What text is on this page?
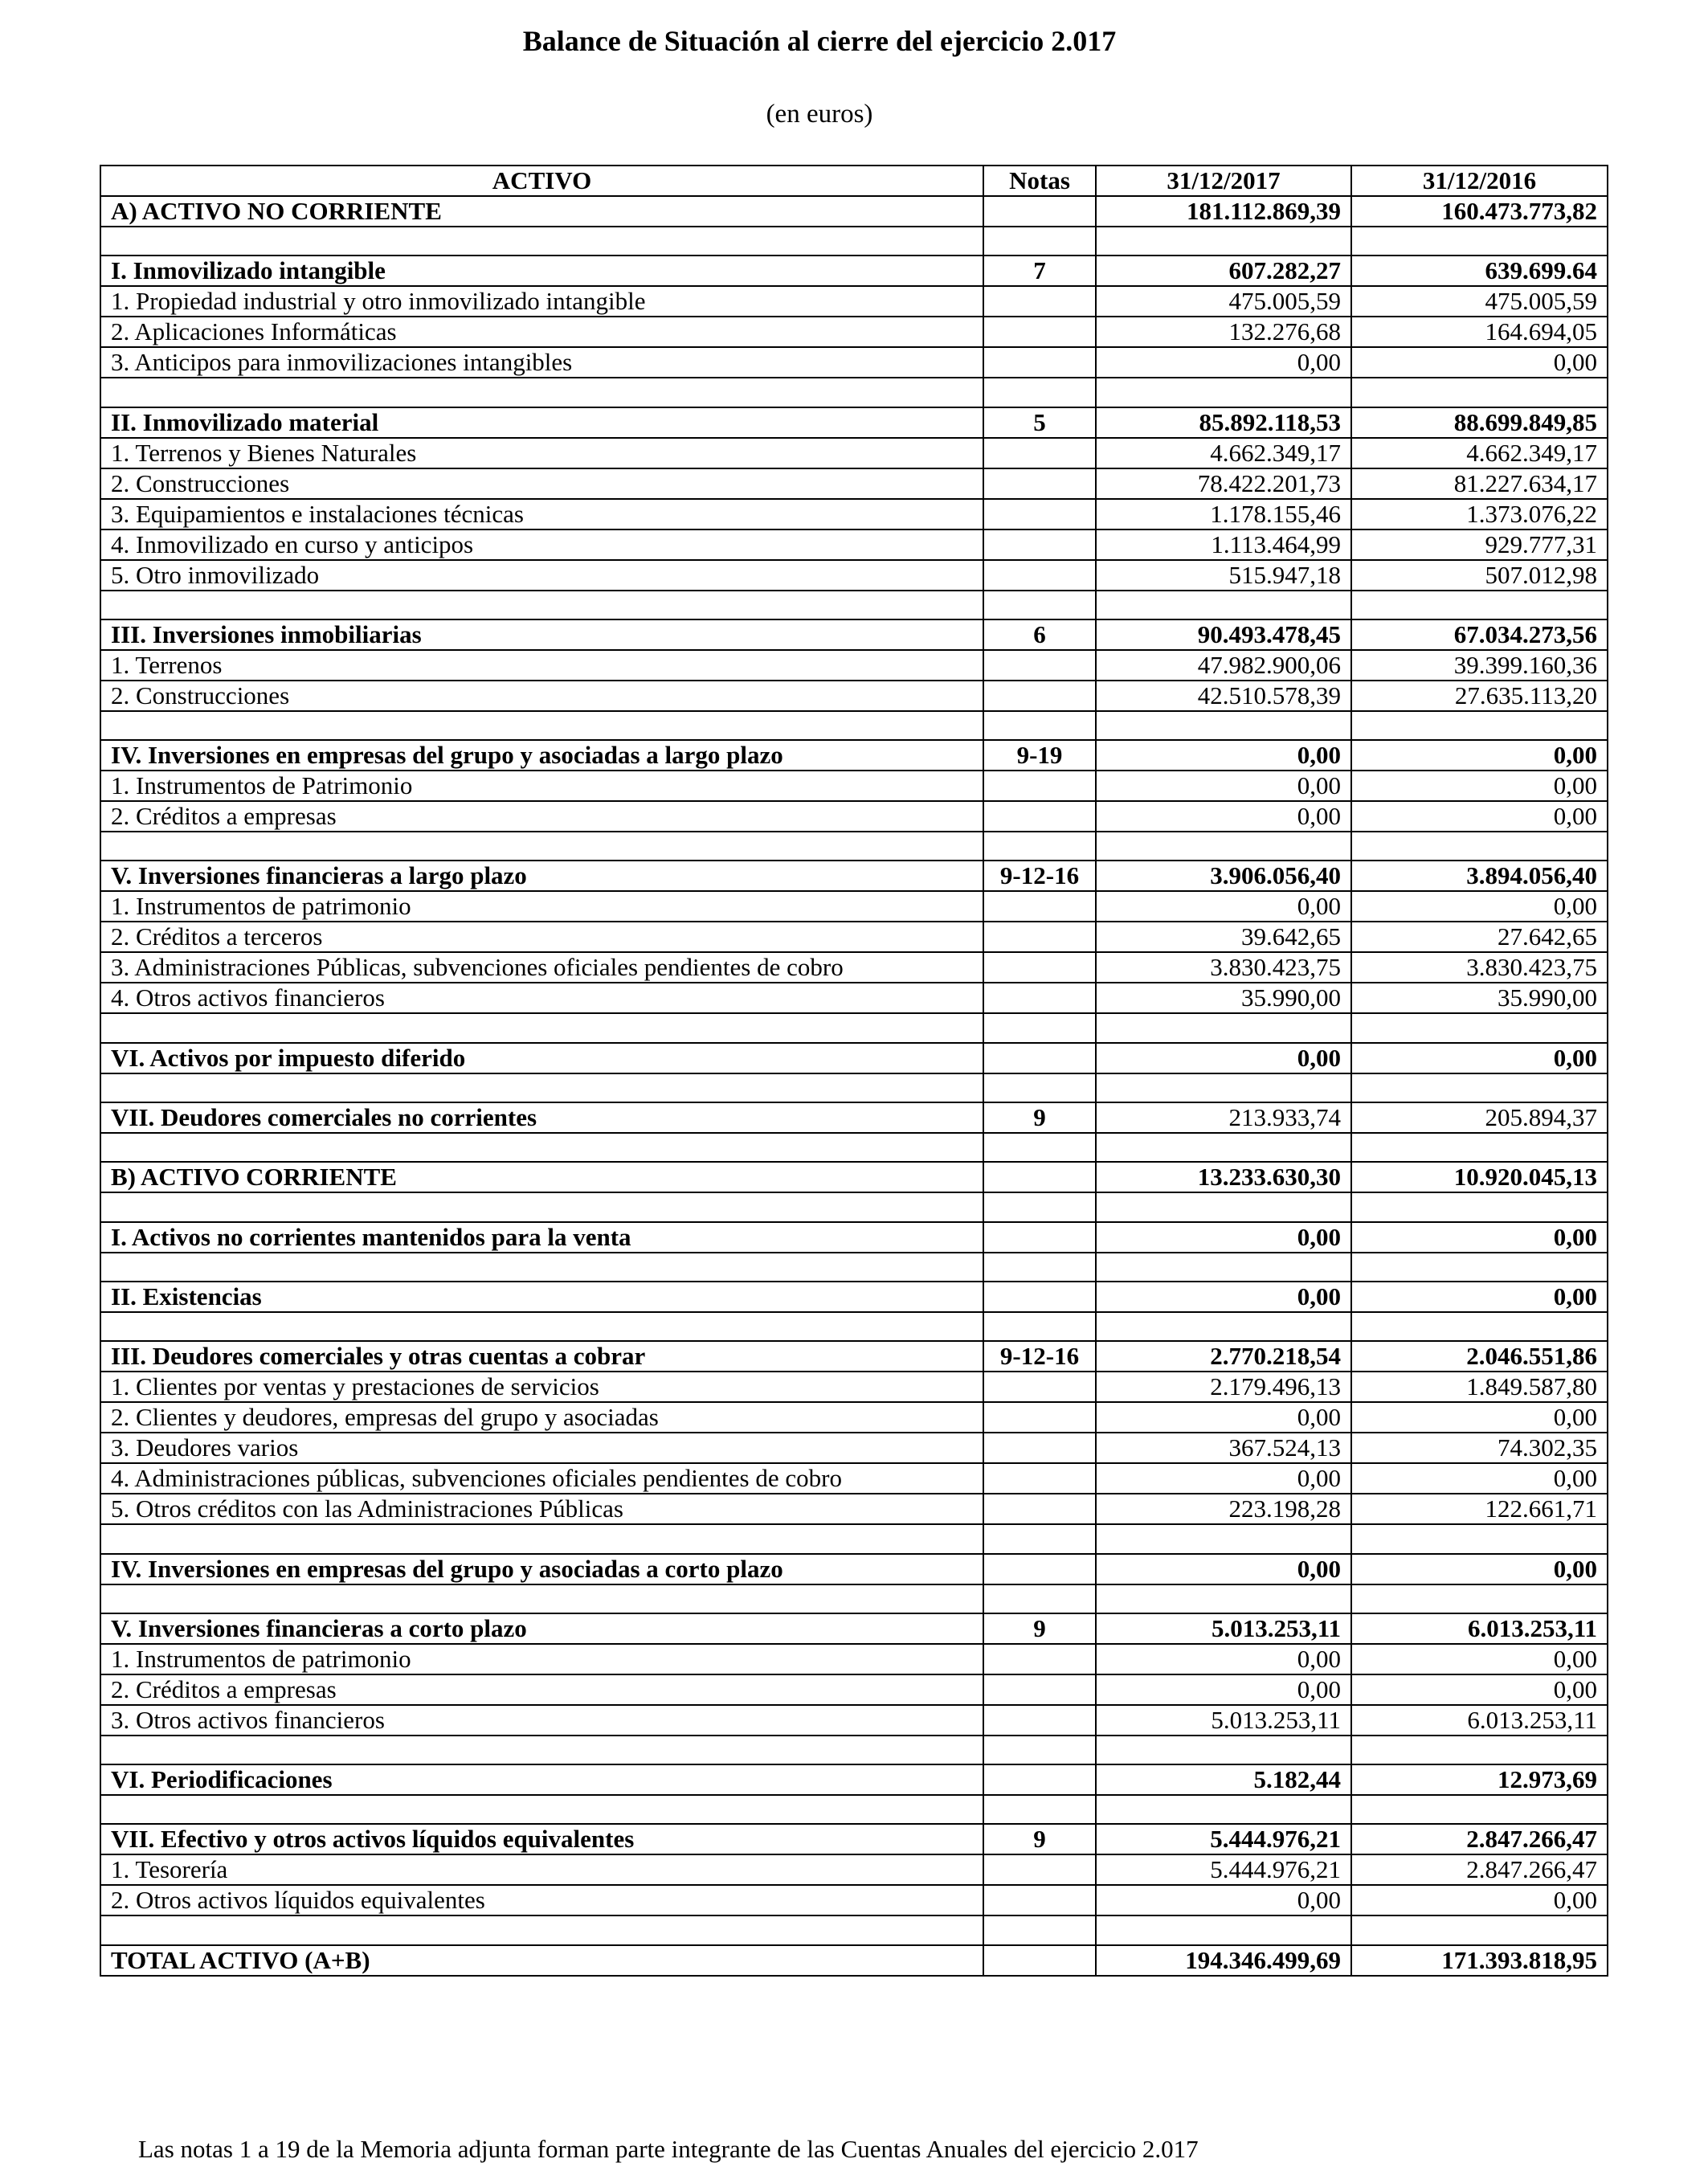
Balance de Situación al cierre del ejercicio 2.017
(en euros)
ACTIVO	Notas	31/12/2017	31/12/2016
A) ACTIVO NO CORRIENTE		181.112.869,39	160.473.773,82

I. Inmovilizado intangible	7	607.282,27	639.699.64
1. Propiedad industrial y otro inmovilizado intangible		475.005,59	475.005,59
2. Aplicaciones Informáticas		132.276,68	164.694,05
3. Anticipos para inmovilizaciones intangibles		0,00	0,00

II. Inmovilizado material	5	85.892.118,53	88.699.849,85
1. Terrenos y Bienes Naturales		4.662.349,17	4.662.349,17
2. Construcciones		78.422.201,73	81.227.634,17
3. Equipamientos e instalaciones técnicas		1.178.155,46	1.373.076,22
4. Inmovilizado en curso y anticipos		1.113.464,99	929.777,31
5. Otro inmovilizado		515.947,18	507.012,98

III. Inversiones inmobiliarias	6	90.493.478,45	67.034.273,56
1. Terrenos		47.982.900,06	39.399.160,36
2. Construcciones		42.510.578,39	27.635.113,20

IV. Inversiones en empresas del grupo y asociadas a largo plazo	9-19	0,00	0,00
1. Instrumentos de Patrimonio		0,00	0,00
2. Créditos a empresas		0,00	0,00

V. Inversiones financieras a largo plazo	9-12-16	3.906.056,40	3.894.056,40
1. Instrumentos de patrimonio		0,00	0,00
2. Créditos a terceros		39.642,65	27.642,65
3. Administraciones Públicas, subvenciones oficiales pendientes de cobro		3.830.423,75	3.830.423,75
4. Otros activos financieros		35.990,00	35.990,00

VI. Activos por impuesto diferido		0,00	0,00

VII. Deudores comerciales no corrientes	9	213.933,74	205.894,37

B) ACTIVO CORRIENTE		13.233.630,30	10.920.045,13

I. Activos no corrientes mantenidos para la venta		0,00	0,00

II. Existencias		0,00	0,00

III. Deudores comerciales y otras cuentas a cobrar	9-12-16	2.770.218,54	2.046.551,86
1. Clientes por ventas y prestaciones de servicios		2.179.496,13	1.849.587,80
2. Clientes y deudores, empresas del grupo y asociadas		0,00	0,00
3. Deudores varios		367.524,13	74.302,35
4. Administraciones públicas, subvenciones oficiales pendientes de cobro		0,00	0,00
5. Otros créditos con las Administraciones Públicas		223.198,28	122.661,71

IV. Inversiones en empresas del grupo y asociadas a corto plazo		0,00	0,00

V. Inversiones financieras a corto plazo	9	5.013.253,11	6.013.253,11
1. Instrumentos de patrimonio		0,00	0,00
2. Créditos a empresas		0,00	0,00
3. Otros activos financieros		5.013.253,11	6.013.253,11

VI. Periodificaciones		5.182,44	12.973,69

VII. Efectivo y otros activos líquidos equivalentes	9	5.444.976,21	2.847.266,47
1. Tesorería		5.444.976,21	2.847.266,47
2. Otros activos líquidos equivalentes		0,00	0,00

TOTAL ACTIVO (A+B)		194.346.499,69	171.393.818,95
Las notas 1 a 19 de la Memoria adjunta forman parte integrante de las Cuentas Anuales del ejercicio 2.017
